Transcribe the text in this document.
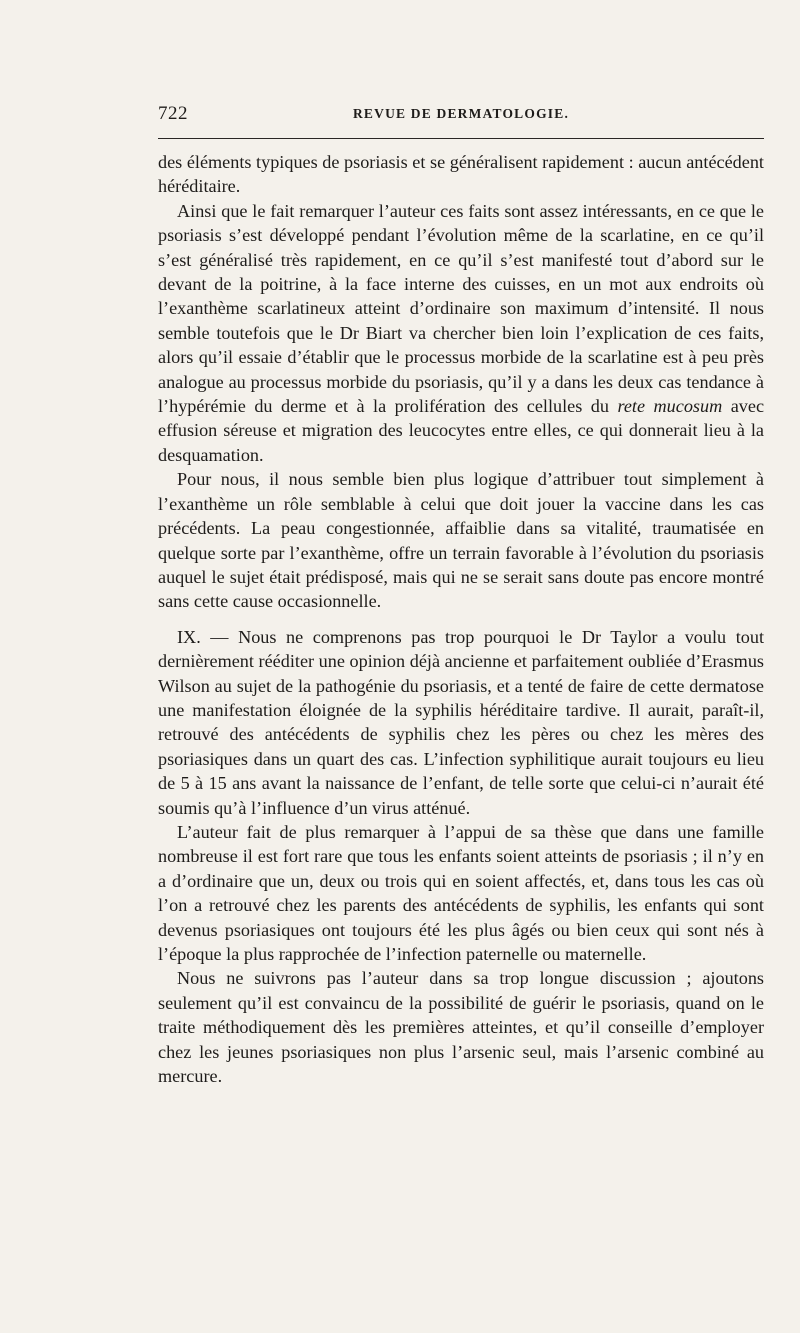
722	REVUE DE DERMATOLOGIE.

des éléments typiques de psoriasis et se généralisent rapidement : aucun antécédent héréditaire.

Ainsi que le fait remarquer l’auteur ces faits sont assez intéressants, en ce que le psoriasis s’est développé pendant l’évolution même de la scarlatine, en ce qu’il s’est généralisé très rapidement, en ce qu’il s’est manifesté tout d’abord sur le devant de la poitrine, à la face interne des cuisses, en un mot aux endroits où l’exanthème scarlatineux atteint d’ordinaire son maximum d’intensité. Il nous semble toutefois que le Dr Biart va chercher bien loin l’explication de ces faits, alors qu’il essaie d’établir que le processus morbide de la scarlatine est à peu près analogue au processus morbide du psoriasis, qu’il y a dans les deux cas tendance à l’hypérémie du derme et à la prolifération des cellules du rete mucosum avec effusion séreuse et migration des leucocytes entre elles, ce qui donnerait lieu à la desquamation.

Pour nous, il nous semble bien plus logique d’attribuer tout simplement à l’exanthème un rôle semblable à celui que doit jouer la vaccine dans les cas précédents. La peau congestionnée, affaiblie dans sa vitalité, traumatisée en quelque sorte par l’exanthème, offre un terrain favorable à l’évolution du psoriasis auquel le sujet était prédisposé, mais qui ne se serait sans doute pas encore montré sans cette cause occasionnelle.

IX. — Nous ne comprenons pas trop pourquoi le Dr Taylor a voulu tout dernièrement rééditer une opinion déjà ancienne et parfaitement oubliée d’Erasmus Wilson au sujet de la pathogénie du psoriasis, et a tenté de faire de cette dermatose une manifestation éloignée de la syphilis héréditaire tardive. Il aurait, paraît-il, retrouvé des antécédents de syphilis chez les pères ou chez les mères des psoriasiques dans un quart des cas. L’infection syphilitique aurait toujours eu lieu de 5 à 15 ans avant la naissance de l’enfant, de telle sorte que celui-ci n’aurait été soumis qu’à l’influence d’un virus atténué.

L’auteur fait de plus remarquer à l’appui de sa thèse que dans une famille nombreuse il est fort rare que tous les enfants soient atteints de psoriasis ; il n’y en a d’ordinaire que un, deux ou trois qui en soient affectés, et, dans tous les cas où l’on a retrouvé chez les parents des antécédents de syphilis, les enfants qui sont devenus psoriasiques ont toujours été les plus âgés ou bien ceux qui sont nés à l’époque la plus rapprochée de l’infection paternelle ou maternelle.

Nous ne suivrons pas l’auteur dans sa trop longue discussion ; ajoutons seulement qu’il est convaincu de la possibilité de guérir le psoriasis, quand on le traite méthodiquement dès les premières atteintes, et qu’il conseille d’employer chez les jeunes psoriasiques non plus l’arsenic seul, mais l’arsenic combiné au mercure.
